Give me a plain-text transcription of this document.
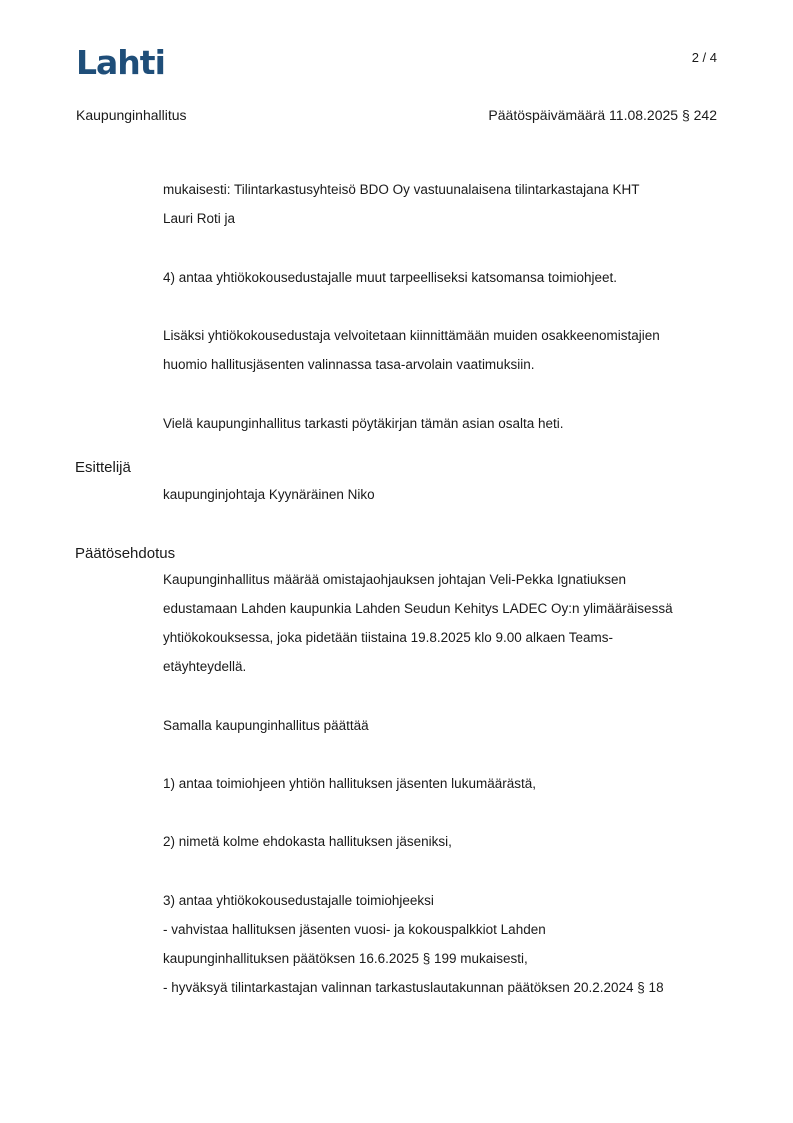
Lahti	2 / 4
Kaupunginhallitus	Päätöspäivämäärä 11.08.2025 § 242
mukaisesti: Tilintarkastusyhteisö BDO Oy vastuunalaisena tilintarkastajana KHT
Lauri Roti ja
4) antaa yhtiökokousedustajalle muut tarpeelliseksi katsomansa toimiohjeet.
Lisäksi yhtiökokousedustaja velvoitetaan kiinnittämään muiden osakkeenomistajien
huomio hallitusjäsenten valinnassa tasa-arvolain vaatimuksiin.
Vielä kaupunginhallitus tarkasti pöytäkirjan tämän asian osalta heti.
Esittelijä
kaupunginjohtaja Kyynäräinen Niko
Päätösehdotus
Kaupunginhallitus määrää omistajaohjauksen johtajan Veli-Pekka Ignatiuksen
edustamaan Lahden kaupunkia Lahden Seudun Kehitys LADEC Oy:n ylimääräisessä
yhtiökokouksessa, joka pidetään tiistaina 19.8.2025 klo 9.00 alkaen Teams-
etäyhteydellä.
Samalla kaupunginhallitus päättää
1) antaa toimiohjeen yhtiön hallituksen jäsenten lukumäärästä,
2) nimetä kolme ehdokasta hallituksen jäseniksi,
3) antaa yhtiökokousedustajalle toimiohjeeksi
- vahvistaa hallituksen jäsenten vuosi- ja kokouspalkkiot Lahden
kaupunginhallituksen päätöksen 16.6.2025 § 199 mukaisesti,
- hyväksyä tilintarkastajan valinnan tarkastuslautakunnan päätöksen 20.2.2024 § 18
